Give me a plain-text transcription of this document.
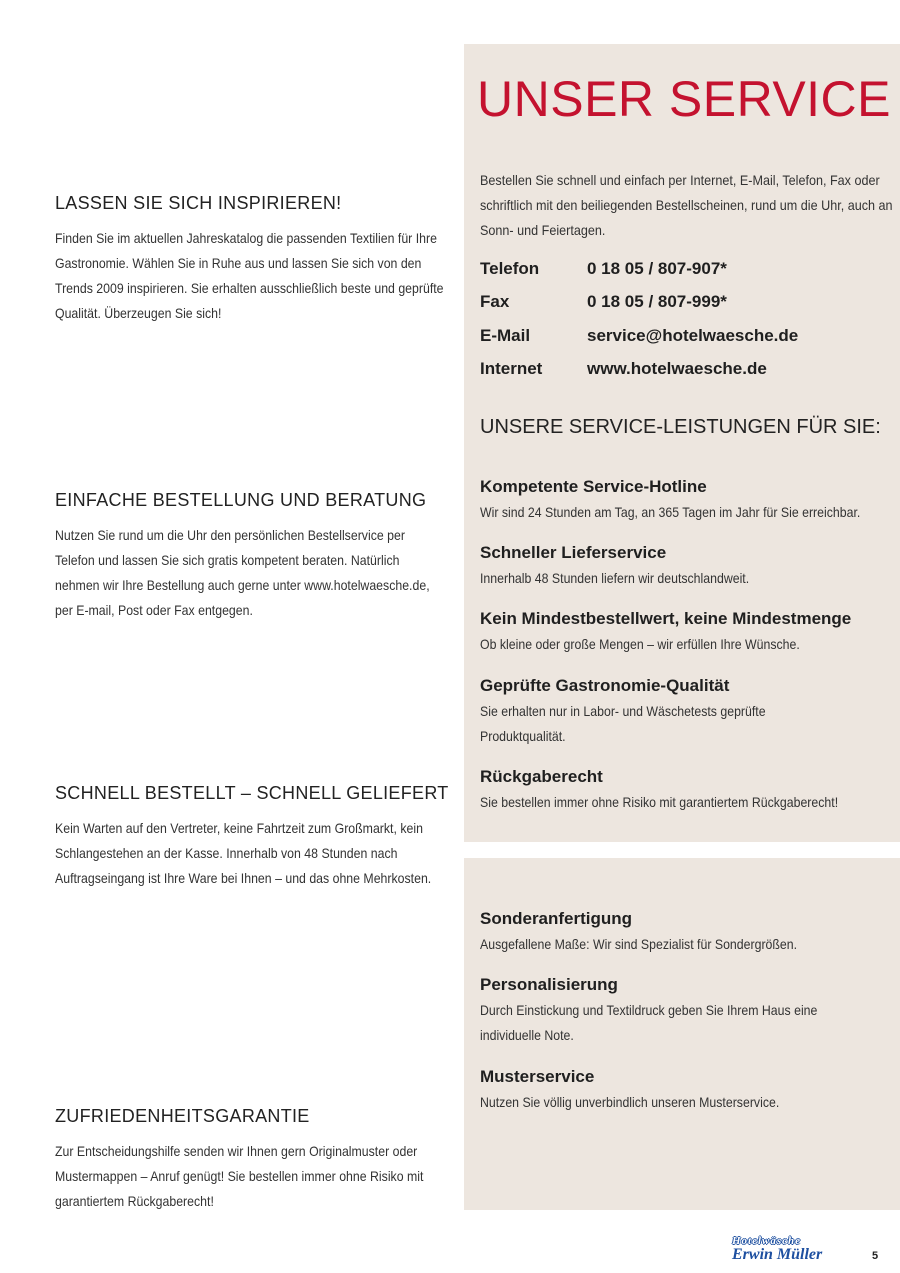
UNSER SERVICE

Bestellen Sie schnell und einfach per Internet, E-Mail, Telefon, Fax oder schriftlich mit den beiliegenden Bestellscheinen, rund um die Uhr, auch an Sonn- und Feiertagen.

Telefon	0 18 05 / 807-907*
Fax	0 18 05 / 807-999*
E-Mail	service@hotelwaesche.de
Internet	www.hotelwaesche.de
UNSERE SERVICE-LEISTUNGEN FÜR SIE:
Kompetente Service-Hotline

Wir sind 24 Stunden am Tag, an 365 Tagen im Jahr für Sie erreichbar.

Schneller Lieferservice

Innerhalb 48 Stunden liefern wir deutschlandweit.

Kein Mindestbestellwert, keine Mindestmenge

Ob kleine oder große Mengen – wir erfüllen Ihre Wünsche.

Geprüfte Gastronomie-Qualität

Sie erhalten nur in Labor- und Wäschetests geprüfte Produktqualität.

Rückgaberecht

Sie bestellen immer ohne Risiko mit garantiertem Rückgaberecht!

Sonderanfertigung

Ausgefallene Maße: Wir sind Spezialist für Sondergrößen.

Personalisierung

Durch Einstickung und Textildruck geben Sie Ihrem Haus eine individuelle Note.

Musterservice

Nutzen Sie völlig unverbindlich unseren Musterservice.

LASSEN SIE SICH INSPIRIEREN!

Finden Sie im aktuellen Jahreskatalog die passenden Textilien für Ihre Gastronomie. Wählen Sie in Ruhe aus und lassen Sie sich von den Trends 2009 inspirieren. Sie erhalten ausschließlich beste und geprüfte Qualität. Überzeugen Sie sich!

EINFACHE BESTELLUNG UND BERATUNG

Nutzen Sie rund um die Uhr den persönlichen Bestellservice per Telefon und lassen Sie sich gratis kompetent beraten. Natürlich nehmen wir Ihre Bestellung auch gerne unter www.hotelwaesche.de, per E-mail, Post oder Fax entgegen.

SCHNELL BESTELLT – SCHNELL GELIEFERT

Kein Warten auf den Vertreter, keine Fahrtzeit zum Großmarkt, kein Schlangestehen an der Kasse. Innerhalb von 48 Stunden nach Auftragseingang ist Ihre Ware bei Ihnen – und das ohne Mehrkosten.

ZUFRIEDENHEITSGARANTIE

Zur Entscheidungshilfe senden wir Ihnen gern Originalmuster oder Mustermappen – Anruf genügt! Sie bestellen immer ohne Risiko mit garantiertem Rückgaberecht!

Hotelwäsche
Erwin Müller	5
